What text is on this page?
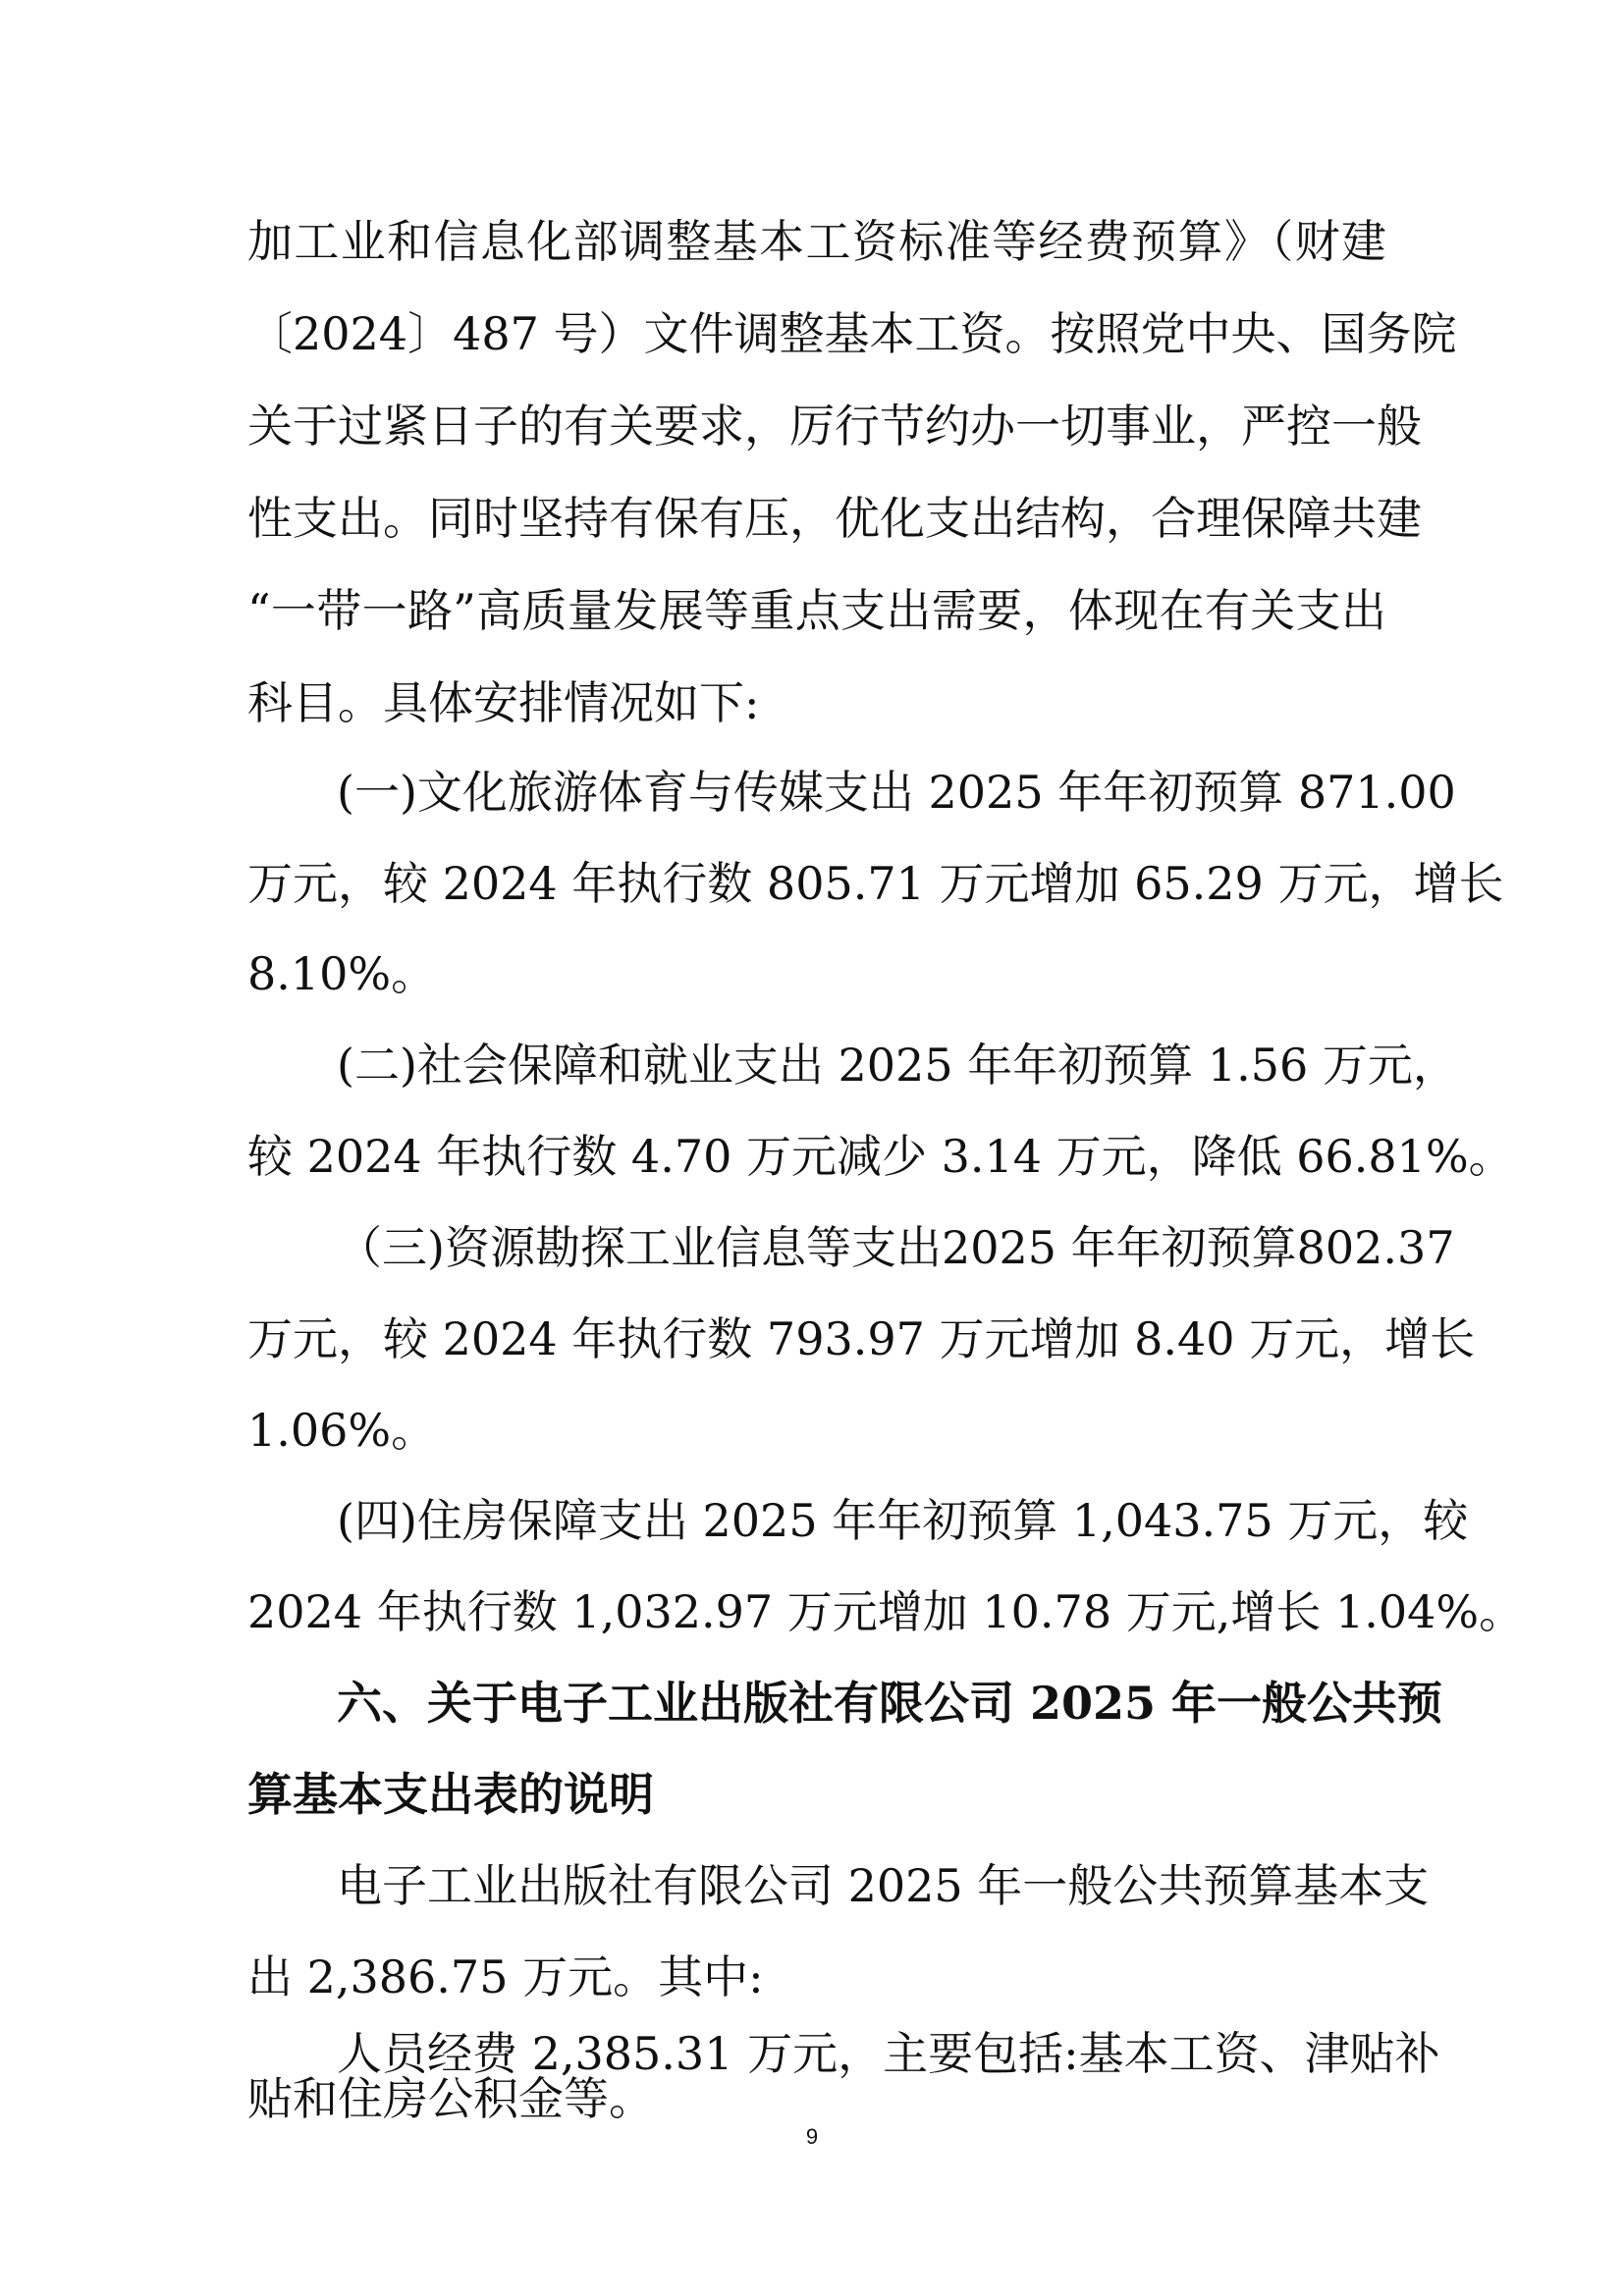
加工业和信息化部调整基本工资标准等经费预算》（财建
〔2024〕487 号）文件调整基本工资。按照党中央、国务院
关于过紧日子的有关要求，厉行节约办一切事业，严控一般
性支出。同时坚持有保有压，优化支出结构，合理保障共建
“一带一路”高质量发展等重点支出需要，体现在有关支出
科目。具体安排情况如下:
(一)文化旅游体育与传媒支出 2025 年年初预算 871.00
万元，较 2024 年执行数 805.71 万元增加 65.29 万元，增长
8.10%。
(二)社会保障和就业支出 2025 年年初预算 1.56 万元，
较 2024 年执行数 4.70 万元减少 3.14 万元，降低 66.81%。
（三)资源勘探工业信息等支出2025 年年初预算802.37
万元，较 2024 年执行数 793.97 万元增加 8.40 万元，增长
1.06%。
(四)住房保障支出 2025 年年初预算 1,043.75 万元，较
2024 年执行数 1,032.97 万元增加 10.78 万元,增长 1.04%。
六、关于电子工业出版社有限公司 2025 年一般公共预
算基本支出表的说明
电子工业出版社有限公司 2025 年一般公共预算基本支
出 2,386.75 万元。其中:
人员经费 2,385.31 万元，主要包括:基本工资、津贴补
贴和住房公积金等。
9
